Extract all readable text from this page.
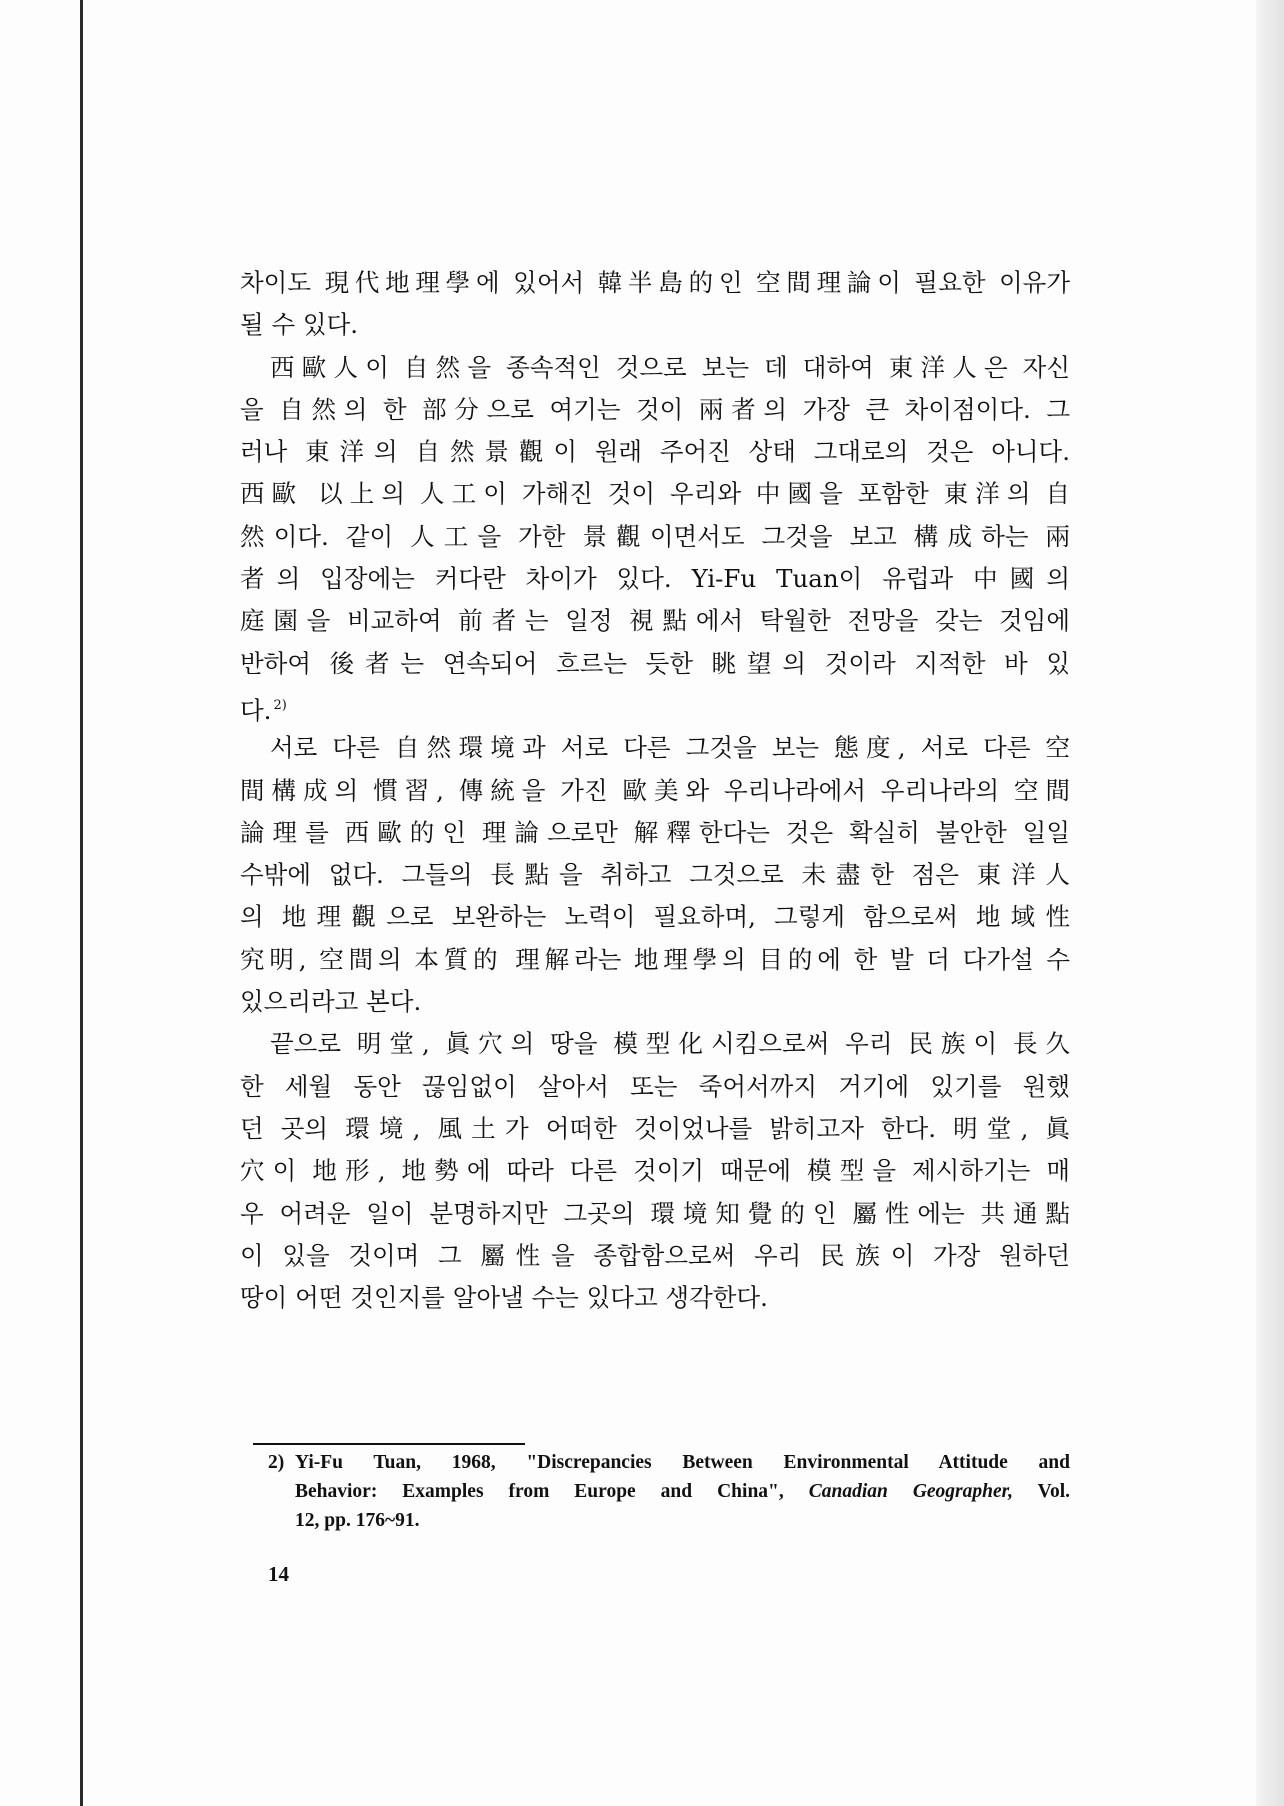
차이도 現代地理學에 있어서 韓半島的인 空間理論이 필요한 이유가
될 수 있다.
西歐人이 自然을 종속적인 것으로 보는 데 대하여 東洋人은 자신
을 自然의 한 部分으로 여기는 것이 兩者의 가장 큰 차이점이다. 그
러나 東洋의 自然景觀이 원래 주어진 상태 그대로의 것은 아니다.
西歐 以上의 人工이 가해진 것이 우리와 中國을 포함한 東洋의 自
然이다. 같이 人工을 가한 景觀이면서도 그것을 보고 構成하는 兩
者의 입장에는 커다란 차이가 있다. Yi-Fu Tuan이 유럽과 中國의
庭園을 비교하여 前者는 일정 視點에서 탁월한 전망을 갖는 것임에
반하여 後者는 연속되어 흐르는 듯한 眺望의 것이라 지적한 바 있
다. $^{2)}$
서로 다른 自然環境과 서로 다른 그것을 보는 態度, 서로 다른 空
間構成의 慣習, 傳統을 가진 歐美와 우리나라에서 우리나라의 空間
論理를 西歐的인 理論으로만 解釋한다는 것은 확실히 불안한 일일
수밖에 없다. 그들의 長點을 취하고 그것으로 未盡한 점은 東洋人
의 地理觀으로 보완하는 노력이 필요하며, 그렇게 함으로써 地域性
究明, 空間의 本質的 理解라는 地理學의 目的에 한 발 더 다가설 수
있으리라고 본다.
끝으로 明堂, 眞穴의 땅을 模型化시킴으로써 우리 民族이 長久
한 세월 동안 끊임없이 살아서 또는 죽어서까지 거기에 있기를 원했
던 곳의 環境, 風土가 어떠한 것이었나를 밝히고자 한다. 明堂, 眞
穴이 地形, 地勢에 따라 다른 것이기 때문에 模型을 제시하기는 매
우 어려운 일이 분명하지만 그곳의 環境知覺的인 屬性에는 共通點
이 있을 것이며 그 屬性을 종합함으로써 우리 民族이 가장 원하던
땅이 어떤 것인지를 알아낼 수는 있다고 생각한다.
2) Yi-Fu Tuan, 1968, "Discrepancies Between Environmental Attitude and
Behavior: Examples from Europe and China", Canadian Geographer, Vol.
12, pp. 176~91.
14
